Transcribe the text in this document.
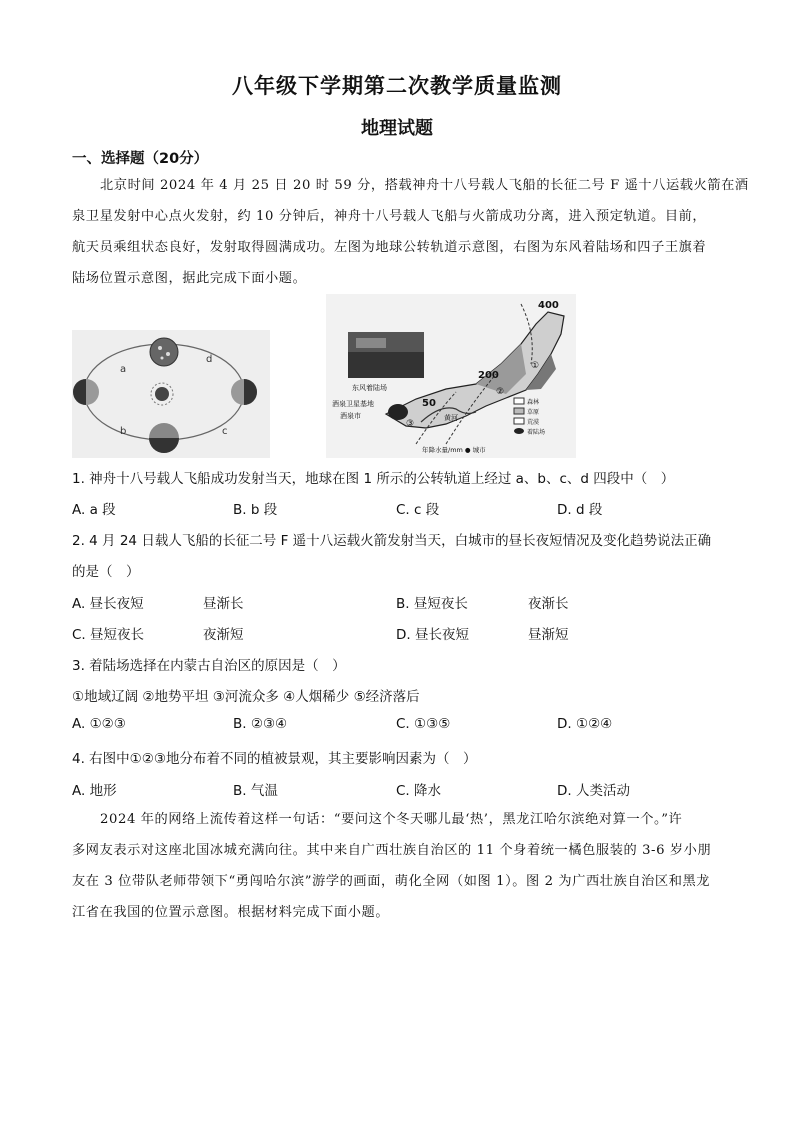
八年级下学期第二次教学质量监测
地理试题
一、选择题（20分）
北京时间 2024 年 4 月 25 日 20 时 59 分，搭载神舟十八号载人飞船的长征二号 F 遥十八运载火箭在酒
泉卫星发射中心点火发射，约 10 分钟后，神舟十八号载人飞船与火箭成功分离，进入预定轨道。目前，
航天员乘组状态良好，发射取得圆满成功。左图为地球公转轨道示意图，右图为东风着陆场和四子王旗着
陆场位置示意图，据此完成下面小题。
a
b	c
d
400
200
50
东风着陆场
酒泉卫星基地
酒泉市	黄河
①
②
③
森林
草原
荒漠
着陆场
年降水量/mm ● 城市
1. 神舟十八号载人飞船成功发射当天，地球在图 1 所示的公转轨道上经过 a、b、c、d 四段中（　）
A. a 段	B. b 段	C. c 段	D. d 段
2. 4 月 24 日载人飞船的长征二号 F 遥十八运载火箭发射当天，白城市的昼长夜短情况及变化趋势说法正确
的是（　）
A. 昼长夜短	昼渐长	B. 昼短夜长	夜渐长
C. 昼短夜长	夜渐短	D. 昼长夜短	昼渐短
3. 着陆场选择在内蒙古自治区的原因是（　）
①地域辽阔 ②地势平坦 ③河流众多 ④人烟稀少 ⑤经济落后
A. ①②③	B. ②③④	C. ①③⑤	D. ①②④
4. 右图中①②③地分布着不同的植被景观，其主要影响因素为（　）
A. 地形	B. 气温	C. 降水	D. 人类活动
2024 年的网络上流传着这样一句话：“要问这个冬天哪儿最‘热’，黑龙江哈尔滨绝对算一个。”许
多网友表示对这座北国冰城充满向往。其中来自广西壮族自治区的 11 个身着统一橘色服装的 3-6 岁小朋
友在 3 位带队老师带领下“勇闯哈尔滨”游学的画面，萌化全网（如图 1）。图 2 为广西壮族自治区和黑龙
江省在我国的位置示意图。根据材料完成下面小题。
